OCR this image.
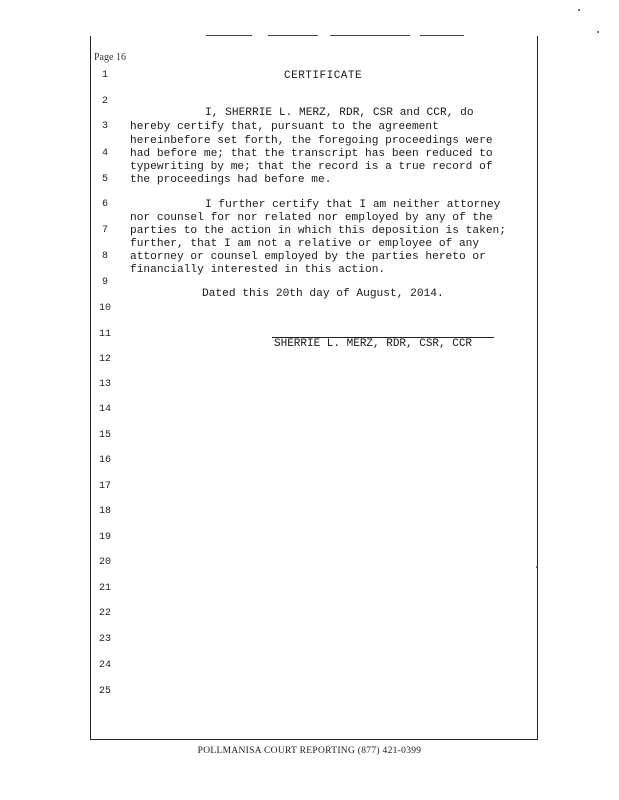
Page 16
1
2
3
4
5
6
7
8
9
10
11
12
13
14
15
16
17
18
19
20
21
22
23
24
25
CERTIFICATE
I, SHERRIE L. MERZ, RDR, CSR and CCR, do
hereby certify that, pursuant to the agreement
hereinbefore set forth, the foregoing proceedings were
had before me; that the transcript has been reduced to
typewriting by me; that the record is a true record of
the proceedings had before me.
I further certify that I am neither attorney
nor counsel for nor related nor employed by any of the
parties to the action in which this deposition is taken;
further, that I am not a relative or employee of any
attorney or counsel employed by the parties hereto or
financially interested in this action.
Dated this 20th day of August, 2014.
SHERRIE L. MERZ, RDR, CSR, CCR
POLLMANISA COURT REPORTING (877) 421-0399
